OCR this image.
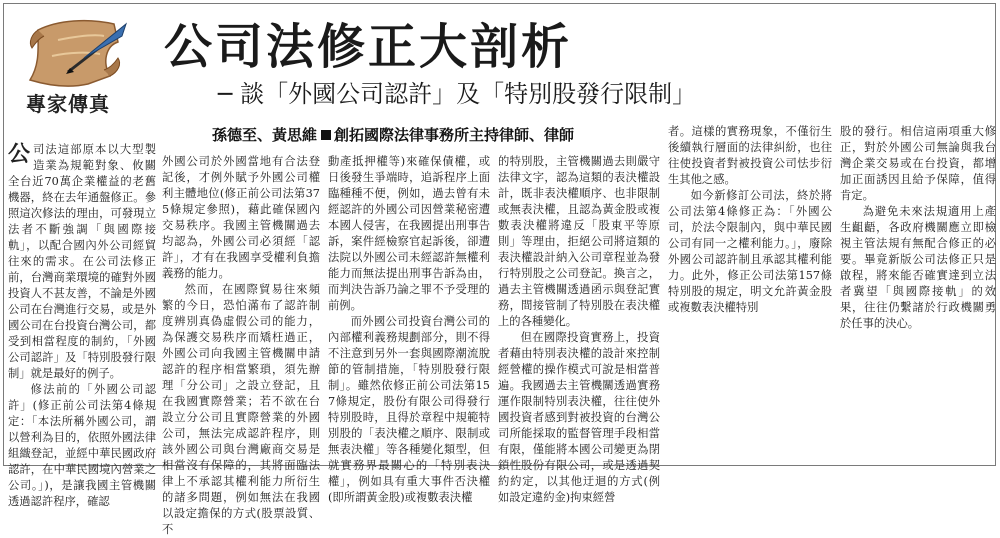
專家傳真
公司法修正大剖析
─ 談「外國公司認許」及「特別股發行限制」
孫德至、黃思維 創拓國際法律事務所主持律師、律師
公 司法這部原本以大型製造業為規範對象、攸關全台近70萬企業權益的老舊機器，終在去年通盤修正。參照這次修法的理由，可發現立法者不斷強調「與國際接軌」，以配合國內外公司經貿往來的需求。在公司法修正前，台灣商業環境的確對外國投資人不甚友善，不論是外國公司在台灣進行交易，或是外國公司在台投資台灣公司，都受到相當程度的制約，「外國公司認許」及「特別股發行限制」就是最好的例子。

修法前的「外國公司認許」(修正前公司法第4條規定：「本法所稱外國公司，謂以營利為目的，依照外國法律組織登記，並經中華民國政府認許，在中華民國境內營業之公司。」)，是讓我國主管機關透過認許程序，確認

外國公司於外國當地有合法登記後，才例外賦予外國公司權利主體地位(修正前公司法第375條規定參照)，藉此確保國內交易秩序。我國主管機關過去均認為，外國公司必須經「認許」，才有在我國享受權利負擔義務的能力。

然而，在國際貿易往來頻繁的今日，恐怕滿布了認許制度辨別真偽虛假公司的能力，為保護交易秩序而矯枉過正，外國公司向我國主管機關申請認許的程序相當繁瑣，須先辦理「分公司」之設立登記，且在我國實際營業；若不欲在台設立分公司且實際營業的外國公司，無法完成認許程序，則該外國公司與台灣廠商交易是相當沒有保障的，其將面臨法律上不承認其權利能力所衍生的諸多問題，例如無法在我國以設定擔保的方式(股票設質、不

動產抵押權等)來確保債權，或日後發生爭端時，追訴程序上面臨種種不便，例如，過去曾有未經認許的外國公司因營業秘密遭本國人侵害，在我國提出刑事告訴，案件經檢察官起訴後，卻遭法院以外國公司未經認許無權利能力而無法提出刑事告訴為由，而判決告訴乃論之罪不予受理的前例。

而外國公司投資台灣公司的內部權利義務規劃部分，則不得不注意到另外一套與國際潮流脫節的管制措施，「特別股發行限制」。雖然依修正前公司法第157條規定，股份有限公司得發行特別股時，且得於章程中規範特別股的「表決權之順序、限制或無表決權」等各種變化類型，但就實務界最關心的「特別表決權」，例如具有重大事件否決權(即所謂黃金股)或複數表決權

的特別股，主管機關過去則嚴守法律文字，認為這類的表決權設計，既非表決權順序、也非限制或無表決權，且認為黃金股或複數表決權將違反「股東平等原則」等理由，拒絕公司將這類的表決權設計納入公司章程並為發行特別股之公司登記。換言之，過去主管機關透過函示與登記實務，間接管制了特別股在表決權上的各種變化。

但在國際投資實務上，投資者藉由特別表決權的設計來控制經營權的操作模式可說是相當普遍。我國過去主管機關透過實務運作限制特別表決權，往往使外國投資者感到對被投資的台灣公司所能採取的監督管理手段相當有限，僅能將本國公司變更為閉鎖性股份有限公司，或是透過契約約定，以其他迂迴的方式(例如設定違約金)拘束經營

者。這樣的實務現象，不僅衍生後續執行層面的法律糾紛，也往往使投資者對被投資公司怯步衍生其他之感。

如今新修訂公司法，終於將公司法第4條修正為：「外國公司，於法令限制內，與中華民國公司有同一之權利能力。」，廢除外國公司認許制且承認其權利能力。此外，修正公司法第157條特別股的規定，明文允許黃金股或複數表決權特別

股的發行。相信這兩項重大修正，對於外國公司無論與我台灣企業交易或在台投資，都增加正面誘因且給予保障，值得肯定。

為避免未來法規適用上產生齟齬，各政府機關應立即檢視主管法規有無配合修正的必要。畢竟新版公司法修正只是啟程，將來能否確實達到立法者冀望「與國際接軌」的效果，往往仍繫諸於行政機關勇於任事的決心。
